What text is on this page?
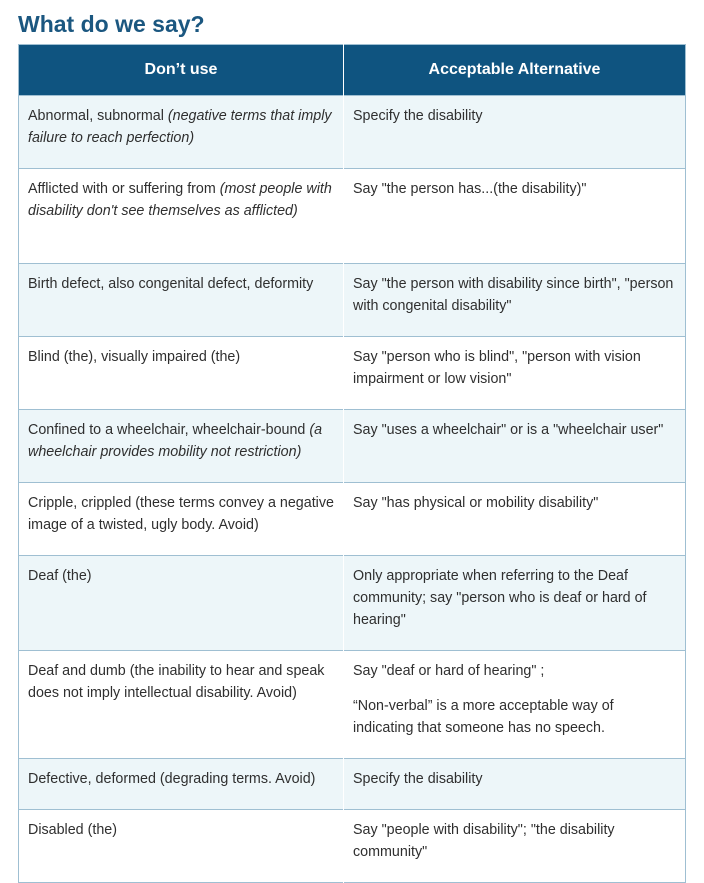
What do we say?
Don’t use	Acceptable Alternative
Abnormal, subnormal (negative terms that imply failure to reach perfection)	Specify the disability

Afflicted with or suffering from (most people with disability don't see themselves as afflicted)	Say "the person has...(the disability)"

Birth defect, also congenital defect, deformity	Say "the person with disability since birth", "person with congenital disability"

Blind (the), visually impaired (the)	Say "person who is blind", "person with vision impairment or low vision"

Confined to a wheelchair, wheelchair-bound (a wheelchair provides mobility not restriction)	Say "uses a wheelchair" or is a "wheelchair user"

Cripple, crippled (these terms convey a negative image of a twisted, ugly body. Avoid)	Say "has physical or mobility disability"

Deaf (the)	Only appropriate when referring to the Deaf community; say "person who is deaf or hard of hearing"

Deaf and dumb (the inability to hear and speak does not imply intellectual disability. Avoid)	Say "deaf or hard of hearing" ;

“Non-verbal” is a more acceptable way of indicating that someone has no speech.

Defective, deformed (degrading terms. Avoid)	Specify the disability

Disabled (the)	Say "people with disability"; "the disability community"
